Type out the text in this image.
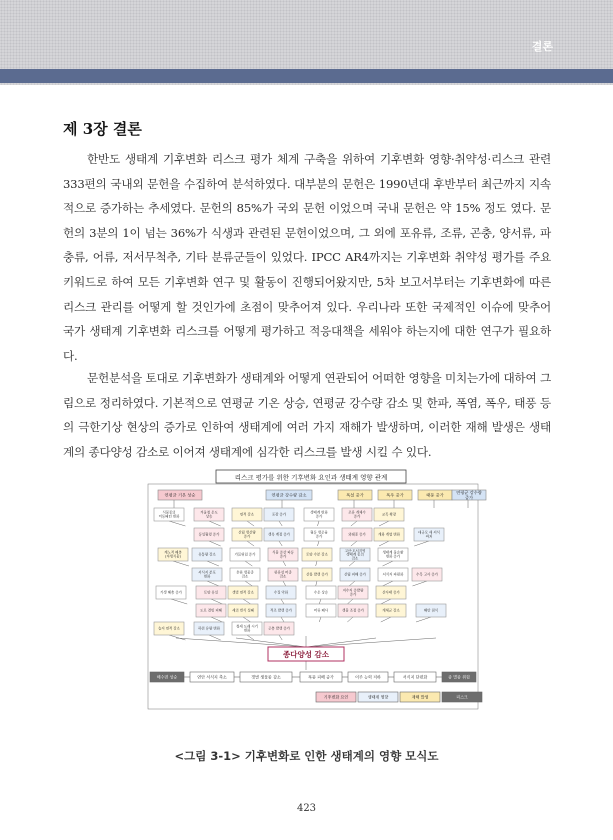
결론
제 3장 결론

한반도 생태계 기후변화 리스크 평가 체계 구축을 위하여 기후변화 영향·취약성·리스크 관련 333편의 국내외 문헌을 수집하여 분석하였다. 대부분의 문헌은 1990년대 후반부터 최근까지 지속적으로 증가하는 추세였다. 문헌의 85%가 국외 문헌 이었으며 국내 문헌은 약 15% 정도 였다. 문헌의 3분의 1이 넘는 36%가 식생과 관련된 문헌이었으며, 그 외에 포유류, 조류, 곤충, 양서류, 파충류, 어류, 저서무척추, 기타 분류군들이 있었다. IPCC AR4까지는 기후변화 취약성 평가를 주요 키워드로 하여 모든 기후변화 연구 및 활동이 진행되어왔지만, 5차 보고서부터는 기후변화에 따른 리스크 관리를 어떻게 할 것인가에 초점이 맞추어져 있다. 우리나라 또한 국제적인 이슈에 맞추어 국가 생태계 기후변화 리스크를 어떻게 평가하고 적응대책을 세워야 하는지에 대한 연구가 필요하다.

문헌분석을 토대로 기후변화가 생태계와 어떻게 연관되어 어떠한 영향을 미치는가에 대하여 그림으로 정리하였다. 기본적으로 연평균 기온 상승, 연평균 강수량 감소 및 한파, 폭염, 폭우, 태풍 등의 극한기상 현상의 증가로 인하여 생태계에 여러 가지 재해가 발생하며, 이러한 재해 발생은 생태계의 종다양성 감소로 이어져 생태계에 심각한 리스크를 발생 시킬 수 있다.

리스크 평가를 위한 기후변화 요인과 생태계 영향 관계
연평균 기온 상승	연평균 강수량 감소	폭설 증가	폭우 증가	태풍 증가	연평균 강수량 증가
식물종의 이동패턴 변화
겨울철 온도 상승	면적 감소	포장 증가	생태계 변화 증가
조류 개체수 증가	교목 확장
동일월령 증가	산림 생산량 증가	생육 계절 증가	월동 생존율 증가	외래종 증가	개화 개엽 변화	대규모 새 서식 파괴
계노적 해충 (자생식물)	유통량 감소	가뭄위험 증가	식물 증산 파동 증가	토양 수분 감소
고산·도서지역 생태계 종의 감소
생태계 물순환 변화 증가
서식지 분포 변화
흔한 생물종 감소
한류성 어종 감소	산불 발생 증가	산림 피해 증가	서식지 파편화	수목 고사 증가
기생 해충 증가	토양 유실	갯벌 면적 감소	수질 악화	수온 상승	저수지 증발량 증가	산사태 증가
도로 결빙 피해	새의 번식 실패	적조 발생 증가	어류 폐사	생물 조절 증가	개체군 감소	해안 침식
습지 면적 감소	하천 유량 변화	철새 도래 시기 변화	곤충 발생 증가
종다양성 감소
해수면 상승	연안 서식지 축소	갯벌 생물종 감소	폭풍 피해 증가	이주 능력 저하	서식지 단편화	종 멸종 위험
기후변화 요인	생태계 영향	재해 발생	리스크
<그림 3-1> 기후변화로 인한 생태계의 영향 모식도
423
